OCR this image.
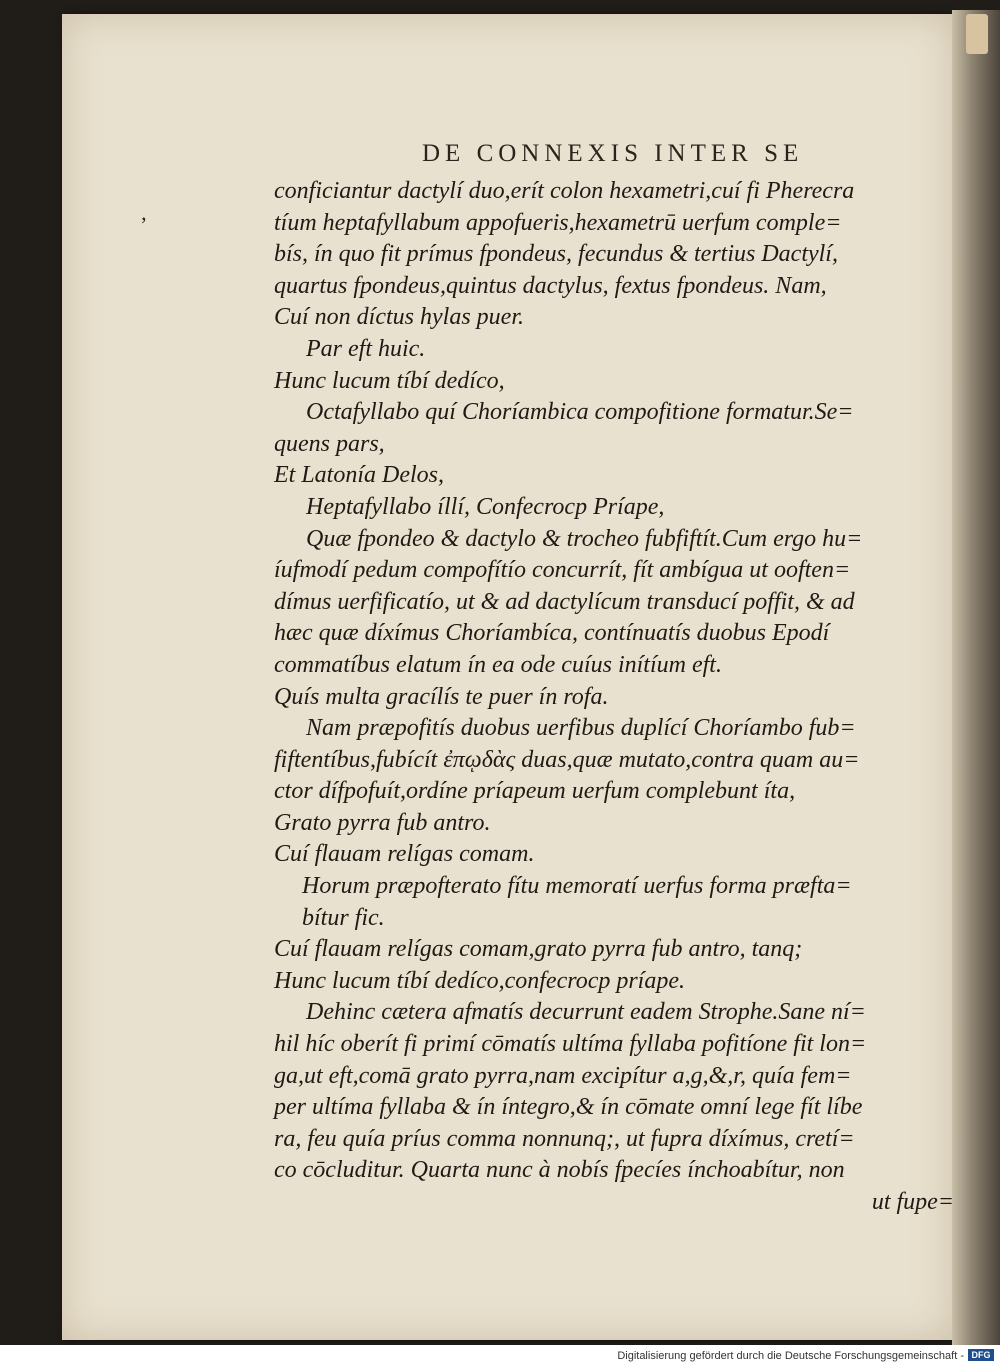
’
DE CONNEXIS INTER SE
conficiantur dactylí duo,erít colon hexametri,cuí fi Pherecra
tíum heptafyllabum appofueris,hexametrū uerfum comple=
bís, ín quo fit prímus fpondeus, fecundus & tertius Dactylí,
quartus fpondeus,quintus dactylus, fextus fpondeus. Nam,
Cuí non díctus hylas puer.
Par eft huic.
Hunc lucum tíbí dedíco,
Octafyllabo quí Choríambica compofitione formatur.Se=
quens pars,
Et Latonía Delos,
Heptafyllabo íllí, Confecrocp Príape,
Quæ fpondeo & dactylo & trocheo fubfiftít.Cum ergo hu=
íufmodí pedum compofítío concurrít, fít ambígua ut ooften=
dímus uerfificatío, ut & ad dactylícum transducí poffit, & ad
hæc quæ díxímus Choríambíca, contínuatís duobus Epodí
commatíbus elatum ín ea ode cuíus inítíum eft.
Quís multa gracílís te puer ín rofa.
Nam præpofitís duobus uerfibus duplící Choríambo fub=
fiftentíbus,fubícít ἐπῳδὰς duas,quæ mutato,contra quam au=
ctor dífpofuít,ordíne príapeum uerfum complebunt íta,
Grato pyrra fub antro.
Cuí flauam relígas comam.
Horum præpofterato fítu memoratí uerfus forma præfta=
bítur fic.
Cuí flauam relígas comam,grato pyrra fub antro, tanq;
Hunc lucum tíbí dedíco,confecrocp príape.
Dehinc cætera afmatís decurrunt eadem Strophe.Sane ní=
hil híc oberít fi primí cōmatís ultíma fyllaba pofitíone fit lon=
ga,ut eft,comā grato pyrra,nam excipítur a,g,&,r, quía fem=
per ultíma fyllaba & ín íntegro,& ín cōmate omní lege fít líbe
ra, feu quía príus comma nonnunq;, ut fupra díxímus, cretí=
co cōcluditur. Quarta nunc à nobís fpecíes ínchoabítur, non
ut fupe=
Digitalisierung gefördert durch die Deutsche Forschungsgemeinschaft - DFG
